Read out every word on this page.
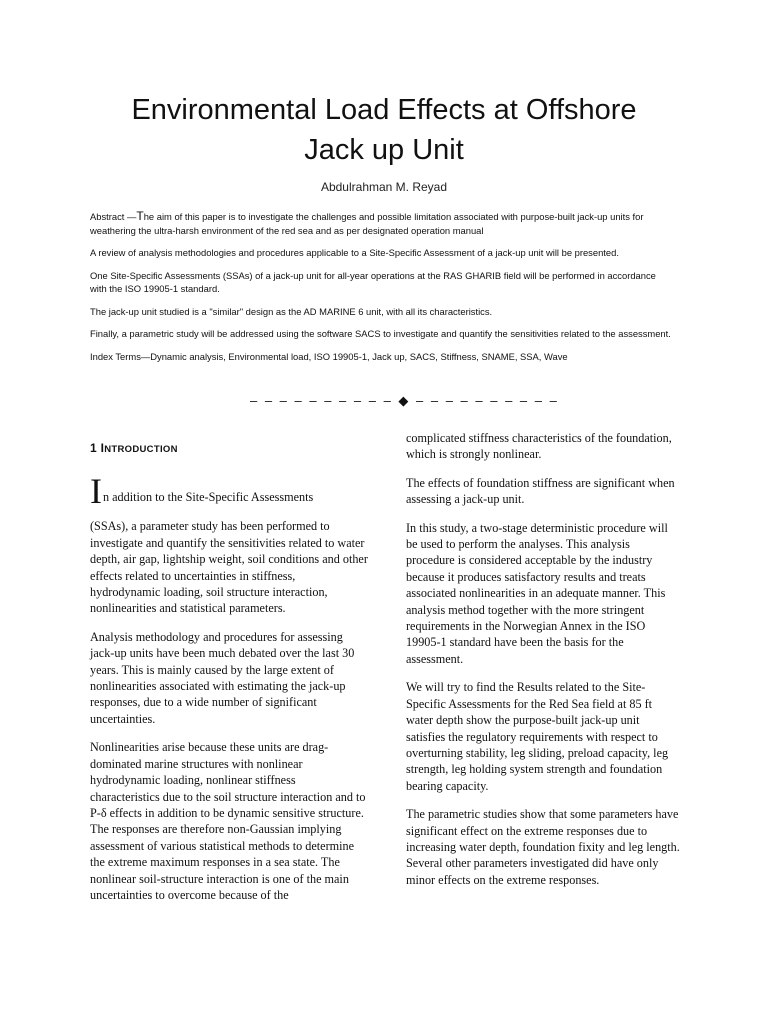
Environmental Load Effects at Offshore
Jack up Unit
Abdulrahman M. Reyad

Abstract —The aim of this paper is to investigate the challenges and possible limitation associated with purpose-built jack-up units for weathering the ultra-harsh environment of the red sea and as per designated operation manual

A review of analysis methodologies and procedures applicable to a Site-Specific Assessment of a jack-up unit will be presented.

One Site-Specific Assessments (SSAs) of a jack-up unit for all-year operations at the RAS GHARIB field will be performed in accordance with the ISO 19905-1 standard.

The jack-up unit studied is a "similar" design as the AD MARINE 6 unit, with all its characteristics.

Finally, a parametric study will be addressed using the software SACS to investigate and quantify the sensitivities related to the assessment.

Index Terms—Dynamic analysis, Environmental load, ISO 19905-1, Jack up, SACS, Stiffness, SNAME, SSA, Wave

– – – – – – – – – – ◆ – – – – – – – – – –
1 INTRODUCTION

In addition to the Site-Specific Assessments

(SSAs), a parameter study has been performed to investigate and quantify the sensitivities related to water depth, air gap, lightship weight, soil conditions and other effects related to uncertainties in stiffness, hydrodynamic loading, soil structure interaction, nonlinearities and statistical parameters.

Analysis methodology and procedures for assessing jack-up units have been much debated over the last 30 years. This is mainly caused by the large extent of nonlinearities associated with estimating the jack-up responses, due to a wide number of significant uncertainties.

Nonlinearities arise because these units are drag-dominated marine structures with nonlinear hydrodynamic loading, nonlinear stiffness characteristics due to the soil structure interaction and to P-δ effects in addition to be dynamic sensitive structure. The responses are therefore non-Gaussian implying assessment of various statistical methods to determine the extreme maximum responses in a sea state. The nonlinear soil-structure interaction is one of the main uncertainties to overcome because of the

complicated stiffness characteristics of the foundation, which is strongly nonlinear.

The effects of foundation stiffness are significant when assessing a jack-up unit.

In this study, a two-stage deterministic procedure will be used to perform the analyses. This analysis procedure is considered acceptable by the industry because it produces satisfactory results and treats associated nonlinearities in an adequate manner. This analysis method together with the more stringent requirements in the Norwegian Annex in the ISO 19905-1 standard have been the basis for the assessment.

We will try to find the Results related to the Site-Specific Assessments for the Red Sea field at 85 ft water depth show the purpose-built jack-up unit satisfies the regulatory requirements with respect to overturning stability, leg sliding, preload capacity, leg strength, leg holding system strength and foundation bearing capacity.

The parametric studies show that some parameters have significant effect on the extreme responses due to increasing water depth, foundation fixity and leg length. Several other parameters investigated did have only minor effects on the extreme responses.
